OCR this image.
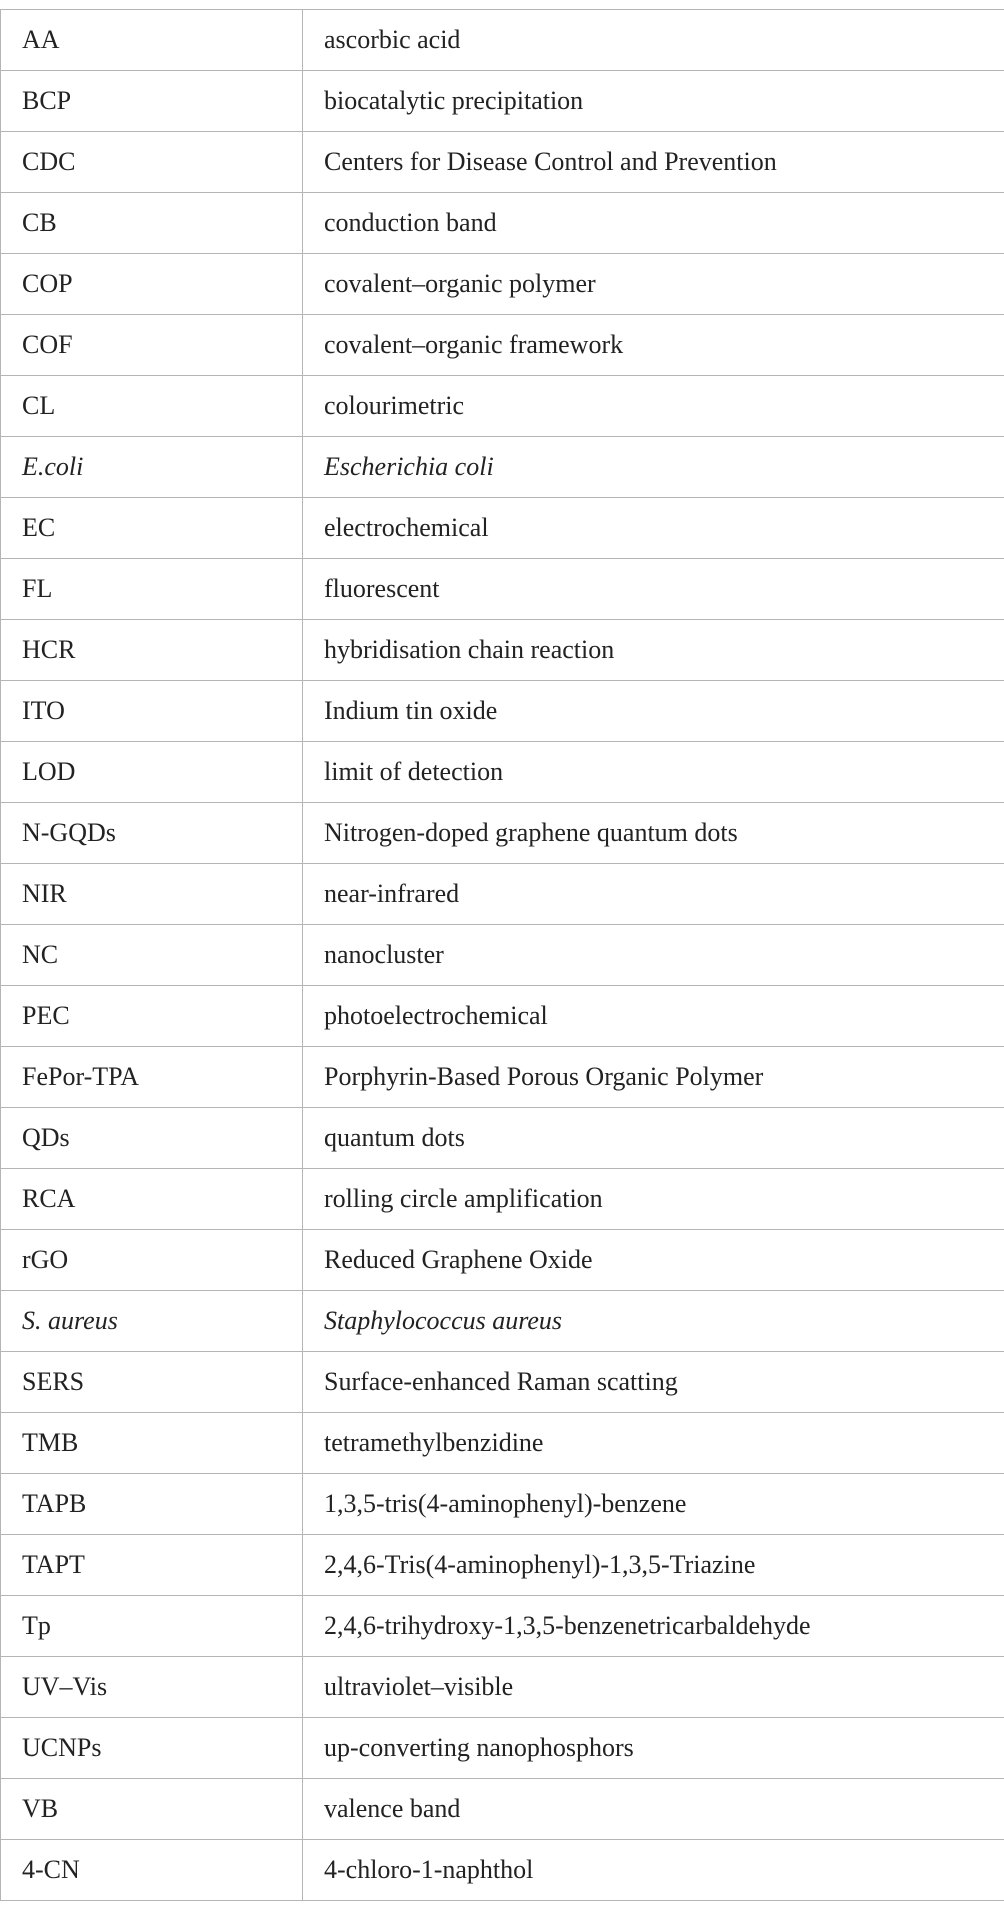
AA	ascorbic acid
BCP	biocatalytic precipitation
CDC	Centers for Disease Control and Prevention
CB	conduction band
COP	covalent–organic polymer
COF	covalent–organic framework
CL	colourimetric
E.coli	Escherichia coli
EC	electrochemical
FL	fluorescent
HCR	hybridisation chain reaction
ITO	Indium tin oxide
LOD	limit of detection
N-GQDs	Nitrogen-doped graphene quantum dots
NIR	near-infrared
NC	nanocluster
PEC	photoelectrochemical
FePor-TPA	Porphyrin-Based Porous Organic Polymer
QDs	quantum dots
RCA	rolling circle amplification
rGO	Reduced Graphene Oxide
S. aureus	Staphylococcus aureus
SERS	Surface-enhanced Raman scatting
TMB	tetramethylbenzidine
TAPB	1,3,5-tris(4-aminophenyl)-benzene
TAPT	2,4,6-Tris(4-aminophenyl)-1,3,5-Triazine
Tp	2,4,6-trihydroxy-1,3,5-benzenetricarbaldehyde
UV–Vis	ultraviolet–visible
UCNPs	up-converting nanophosphors
VB	valence band
4-CN	4-chloro-1-naphthol
